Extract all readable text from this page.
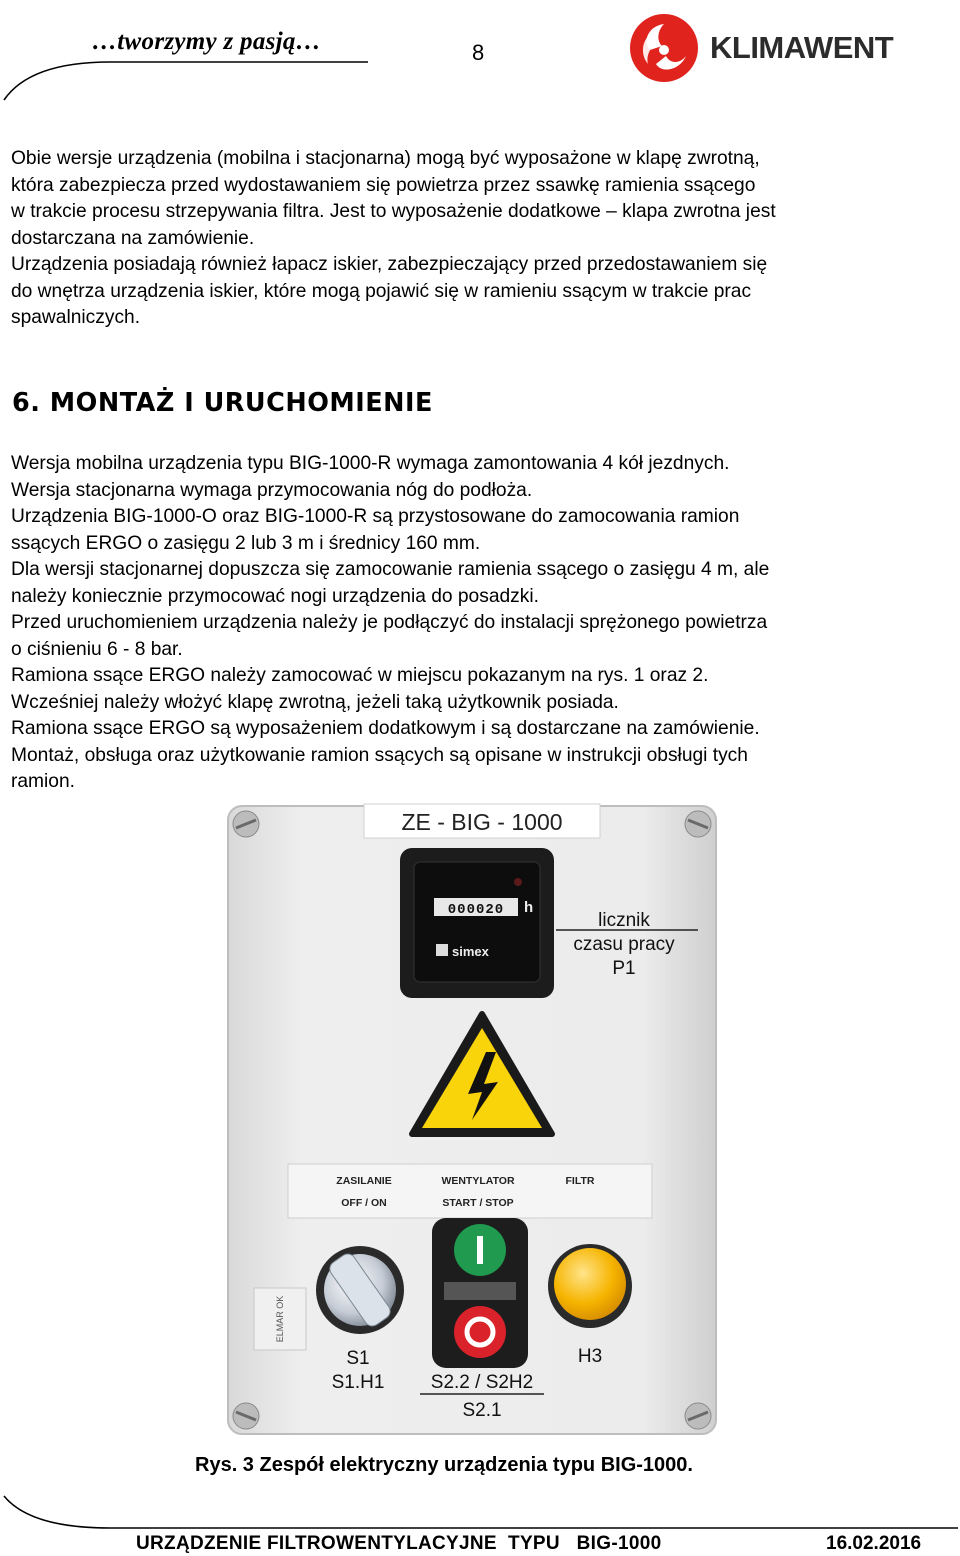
…tworzymy z pasją…	8	KLIMAWENT

Obie wersje urządzenia (mobilna i stacjonarna) mogą być wyposażone w klapę zwrotną,

która zabezpiecza przed wydostawaniem się powietrza przez ssawkę ramienia ssącego

w trakcie procesu strzepywania filtra. Jest to wyposażenie dodatkowe – klapa zwrotna jest

dostarczana na zamówienie.

Urządzenia posiadają również łapacz iskier, zabezpieczający przed przedostawaniem się

do wnętrza urządzenia iskier, które mogą pojawić się w ramieniu ssącym w trakcie prac

spawalniczych.

6. MONTAŻ I URUCHOMIENIE

Wersja mobilna urządzenia typu BIG-1000-R wymaga zamontowania 4 kół jezdnych.

Wersja stacjonarna wymaga przymocowania nóg do podłoża.

Urządzenia BIG-1000-O oraz BIG-1000-R są przystosowane do zamocowania ramion

ssących ERGO o zasięgu 2 lub 3 m i średnicy 160 mm.

Dla wersji stacjonarnej dopuszcza się zamocowanie ramienia ssącego o zasięgu 4 m, ale

należy koniecznie przymocować nogi urządzenia do posadzki.

Przed uruchomieniem urządzenia należy je podłączyć do instalacji sprężonego powietrza

o ciśnieniu 6 - 8 bar.

Ramiona ssące ERGO należy zamocować w miejscu pokazanym na rys. 1 oraz 2.

Wcześniej należy włożyć klapę zwrotną, jeżeli taką użytkownik posiada.

Ramiona ssące ERGO są wyposażeniem dodatkowym i są dostarczane na zamówienie.

Montaż, obsługa oraz użytkowanie ramion ssących są opisane w instrukcji obsługi tych

ramion.

ZE - BIG - 1000
000020 h
simex
licznik
czasu pracy
P1
ZASILANIE
OFF / ON
WENTYLATOR
START / STOP
FILTR
ELMAR OK
S1
S1.H1 S2.2 / S2H2
S2.1
H3
Rys. 3 Zespół elektryczny urządzenia typu BIG-1000.
URZĄDZENIE FILTROWENTYLACYJNE  TYPU   BIG-1000	16.02.2016
